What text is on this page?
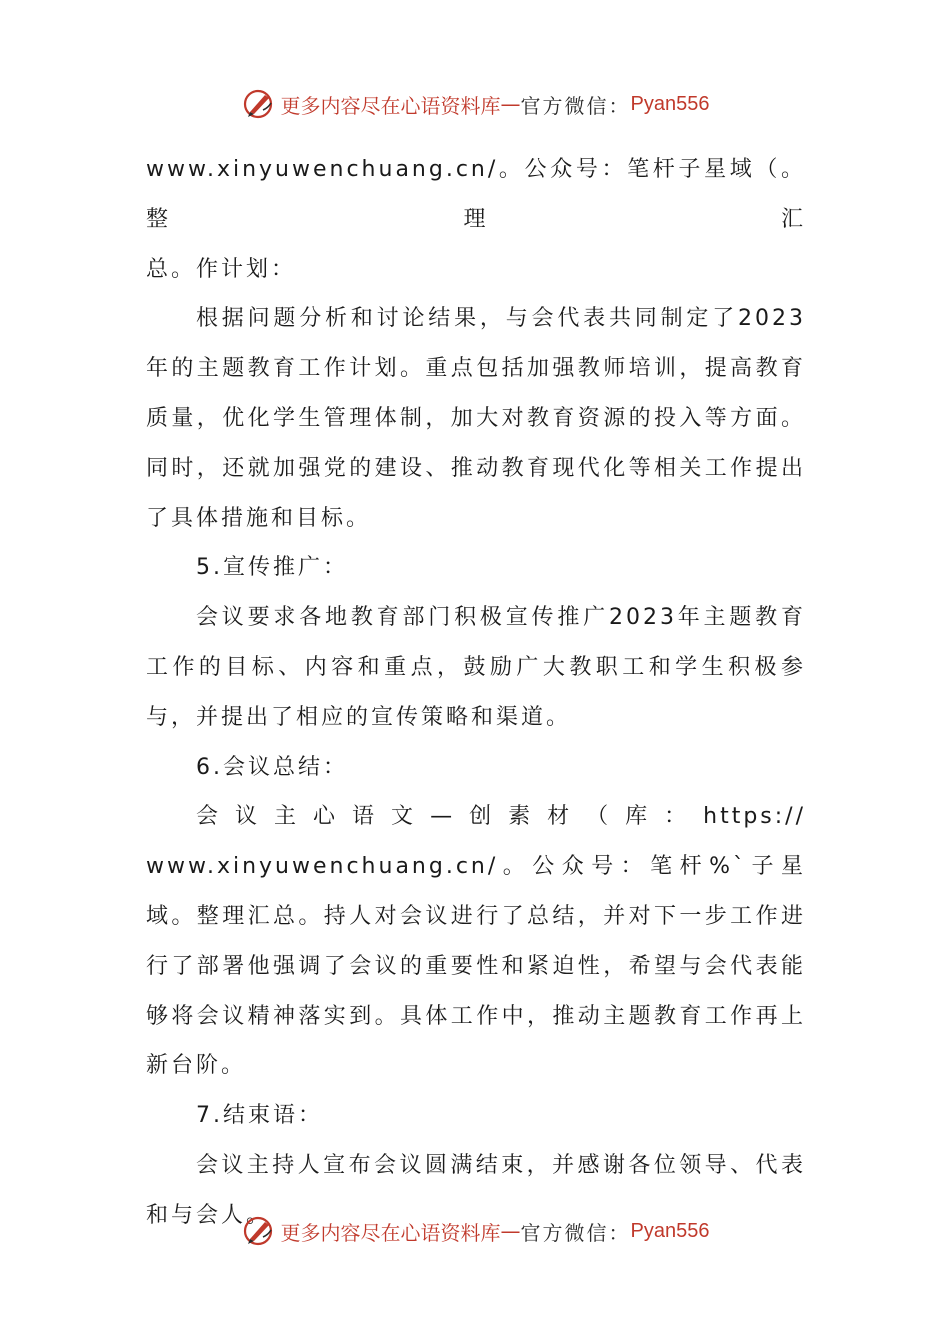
更多内容尽在心语资料库 — 官方微信： Pyan556

www.xinyuwenchuang.cn/。公众号：笔杆子星域（。整理汇

总。作计划：

根据问题分析和讨论结果，与会代表共同制定了2023年的主题教育工作计划。重点包括加强教师培训，提高教育质量，优化学生管理体制，加大对教育资源的投入等方面。同时，还就加强党的建设、推动教育现代化等相关工作提出了具体措施和目标。

5.宣传推广：

会议要求各地教育部门积极宣传推广2023年主题教育工作的目标、内容和重点，鼓励广大教职工和学生积极参与，并提出了相应的宣传策略和渠道。

6.会议总结：

会议主心语文—创素材（库：https://

www.xinyuwenchuang.cn/。公众号：笔杆%`子星域。整理汇总。持人对会议进行了总结，并对下一步工作进行了部署他强调了会议的重要性和紧迫性，希望与会代表能够将会议精神落实到。具体工作中，推动主题教育工作再上新台阶。

7.结束语：

会议主持人宣布会议圆满结束，并感谢各位领导、代表和与会人。

更多内容尽在心语资料库 — 官方微信： Pyan556
